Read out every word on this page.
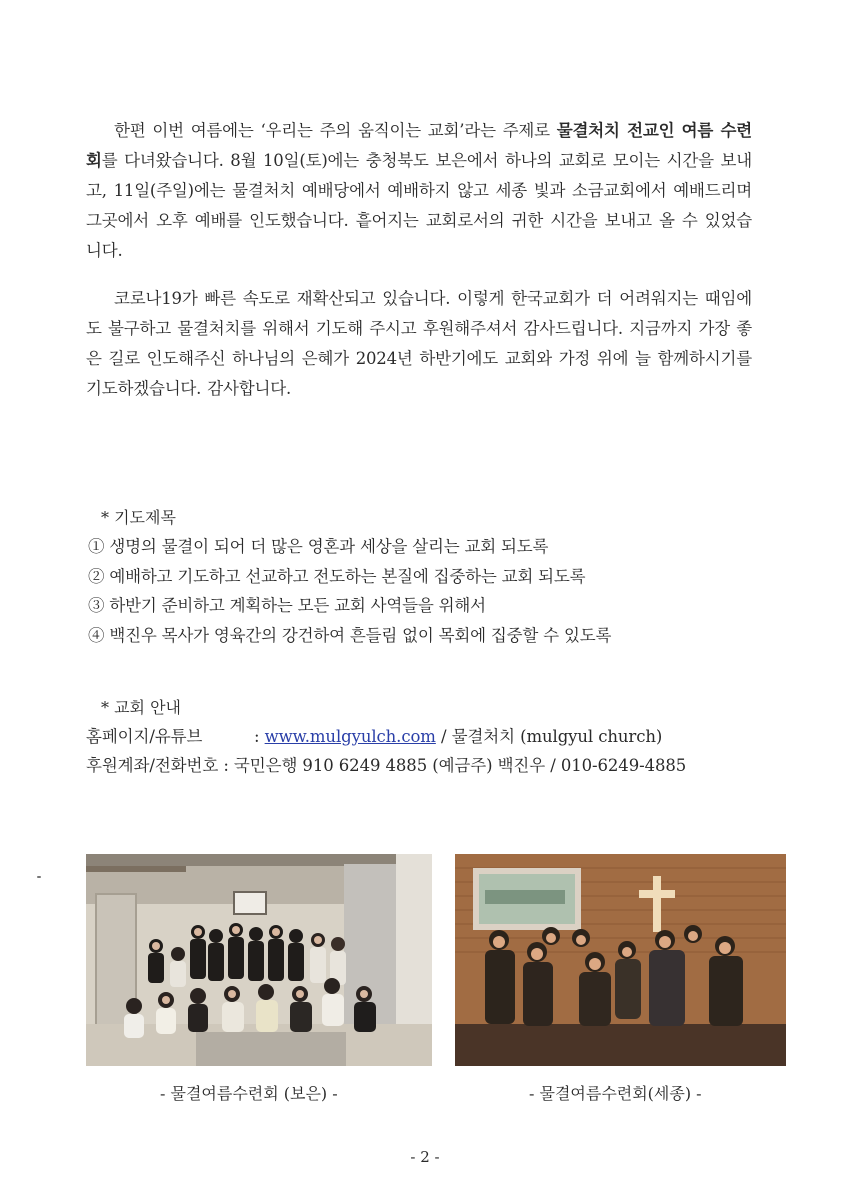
한편 이번 여름에는 ‘우리는 주의 움직이는 교회’라는 주제로 물결처치 전교인 여름 수련회를 다녀왔습니다. 8월 10일(토)에는 충청북도 보은에서 하나의 교회로 모이는 시간을 보내고, 11일(주일)에는 물결처치 예배당에서 예배하지 않고 세종 빛과 소금교회에서 예배드리며 그곳에서 오후 예배를 인도했습니다. 흩어지는 교회로서의 귀한 시간을 보내고 올 수 있었습니다.
코로나19가 빠른 속도로 재확산되고 있습니다. 이렇게 한국교회가 더 어려워지는 때임에도 불구하고 물결처치를 위해서 기도해 주시고 후원해주셔서 감사드립니다. 지금까지 가장 좋은 길로 인도해주신 하나님의 은혜가 2024년 하반기에도 교회와 가정 위에 늘 함께하시기를 기도하겠습니다. 감사합니다.
* 기도제목
① 생명의 물결이 되어 더 많은 영혼과 세상을 살리는 교회 되도록
② 예배하고 기도하고 선교하고 전도하는 본질에 집중하는 교회 되도록
③ 하반기 준비하고 계획하는 모든 교회 사역들을 위해서
④ 백진우 목사가 영육간의 강건하여 흔들림 없이 목회에 집중할 수 있도록
* 교회 안내
홈페이지/유튜브	: www.mulgyulch.com / 물결처치 (mulgyul church)
후원계좌/전화번호 : 국민은행 910 6249 4885 (예금주) 백진우 / 010-6249-4885
- 물결여름수련회 (보은) -	- 물결여름수련회(세종) -
- 2 -
